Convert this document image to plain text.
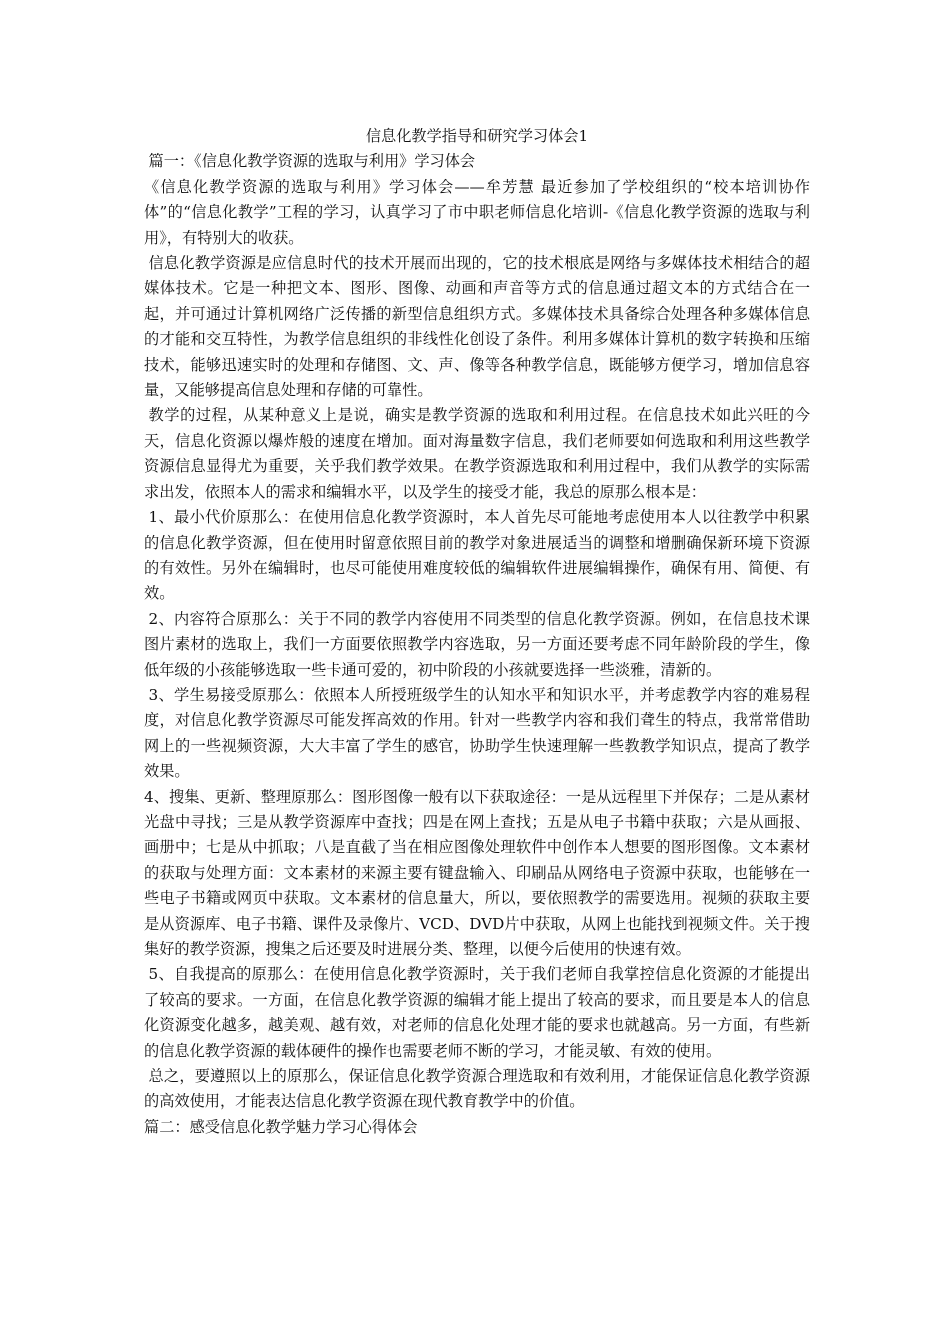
信息化教学指导和研究学习体会1

篇一：《信息化教学资源的选取与利用》学习体会

《信息化教学资源的选取与利用》学习体会——牟芳慧 最近参加了学校组织的“校本培训协作体”的“信息化教学”工程的学习，认真学习了市中职老师信息化培训-《信息化教学资源的选取与利用》，有特别大的收获。

信息化教学资源是应信息时代的技术开展而出现的，它的技术根底是网络与多媒体技术相结合的超媒体技术。它是一种把文本、图形、图像、动画和声音等方式的信息通过超文本的方式结合在一起，并可通过计算机网络广泛传播的新型信息组织方式。多媒体技术具备综合处理各种多媒体信息的才能和交互特性，为教学信息组织的非线性化创设了条件。利用多媒体计算机的数字转换和压缩技术，能够迅速实时的处理和存储图、文、声、像等各种教学信息，既能够方便学习，增加信息容量，又能够提高信息处理和存储的可靠性。

教学的过程，从某种意义上是说，确实是教学资源的选取和利用过程。在信息技术如此兴旺的今天，信息化资源以爆炸般的速度在增加。面对海量数字信息，我们老师要如何选取和利用这些教学资源信息显得尤为重要，关乎我们教学效果。在教学资源选取和利用过程中，我们从教学的实际需求出发，依照本人的需求和编辑水平，以及学生的接受才能，我总的原那么根本是：

1、最小代价原那么：在使用信息化教学资源时，本人首先尽可能地考虑使用本人以往教学中积累的信息化教学资源，但在使用时留意依照目前的教学对象进展适当的调整和增删确保新环境下资源的有效性。另外在编辑时，也尽可能使用难度较低的编辑软件进展编辑操作，确保有用、简便、有效。

2、内容符合原那么：关于不同的教学内容使用不同类型的信息化教学资源。例如，在信息技术课图片素材的选取上，我们一方面要依照教学内容选取，另一方面还要考虑不同年龄阶段的学生，像低年级的小孩能够选取一些卡通可爱的，初中阶段的小孩就要选择一些淡雅，清新的。

3、学生易接受原那么：依照本人所授班级学生的认知水平和知识水平，并考虑教学内容的难易程度，对信息化教学资源尽可能发挥高效的作用。针对一些教学内容和我们聋生的特点，我常常借助网上的一些视频资源，大大丰富了学生的感官，协助学生快速理解一些教教学知识点，提高了教学效果。

4、搜集、更新、整理原那么：图形图像一般有以下获取途径：一是从远程里下并保存；二是从素材光盘中寻找；三是从教学资源库中查找；四是在网上查找；五是从电子书籍中获取；六是从画报、画册中；七是从中抓取；八是直截了当在相应图像处理软件中创作本人想要的图形图像。文本素材的获取与处理方面：文本素材的来源主要有键盘输入、印刷品从网络电子资源中获取，也能够在一些电子书籍或网页中获取。文本素材的信息量大，所以，要依照教学的需要选用。视频的获取主要是从资源库、电子书籍、课件及录像片、VCD、DVD片中获取，从网上也能找到视频文件。关于搜集好的教学资源，搜集之后还要及时进展分类、整理，以便今后使用的快速有效。

5、自我提高的原那么：在使用信息化教学资源时，关于我们老师自我掌控信息化资源的才能提出了较高的要求。一方面，在信息化教学资源的编辑才能上提出了较高的要求，而且要是本人的信息化资源变化越多，越美观、越有效，对老师的信息化处理才能的要求也就越高。另一方面，有些新的信息化教学资源的载体硬件的操作也需要老师不断的学习，才能灵敏、有效的使用。

总之，要遵照以上的原那么，保证信息化教学资源合理选取和有效利用，才能保证信息化教学资源的高效使用，才能表达信息化教学资源在现代教育教学中的价值。

篇二：感受信息化教学魅力学习心得体会
